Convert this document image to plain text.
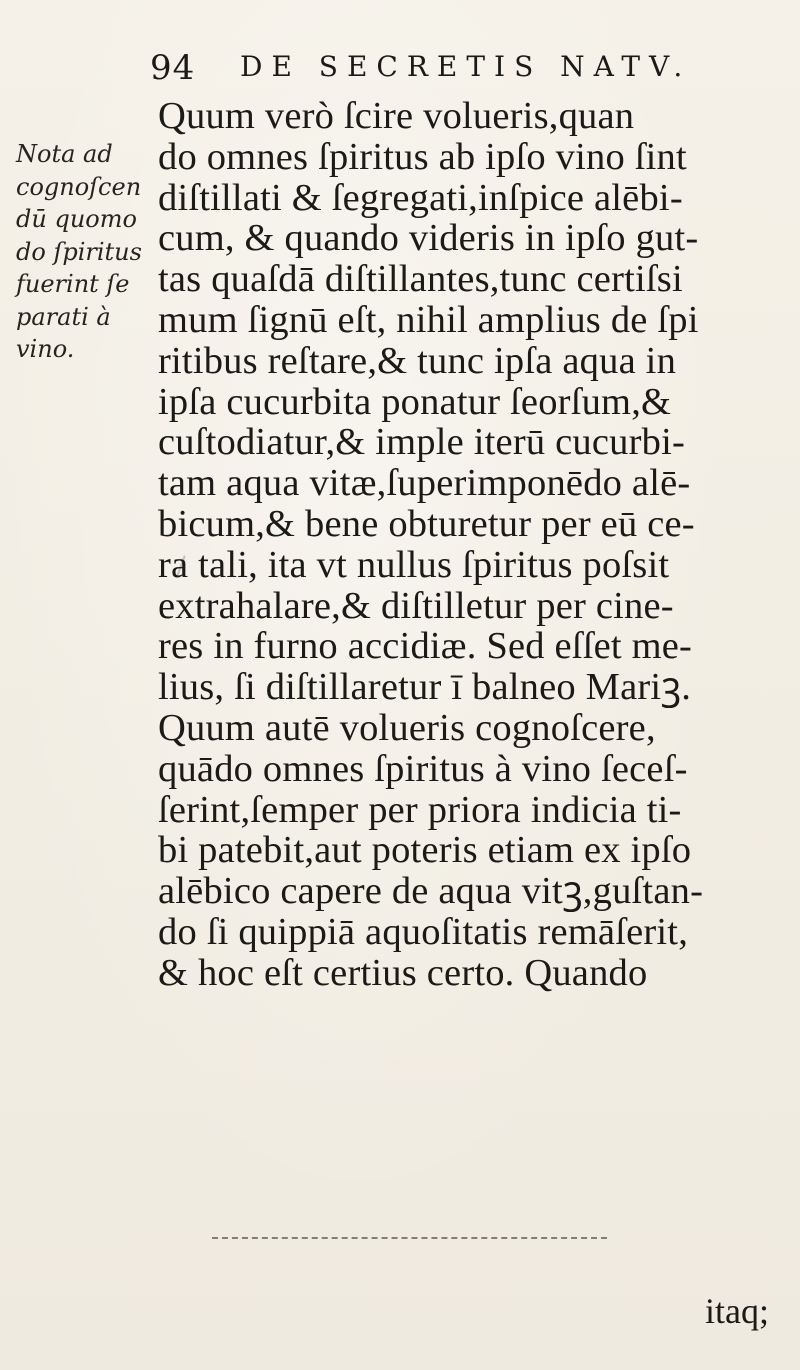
94 DE SECRETIS NATV.
Nota ad
cognoſcen
dū quomo
do ſpiritus
fuerint ſe
parati à
vino.
Quum verò ſcire volueris,quan
do omnes ſpiritus ab ipſo vino ſint
diſtillati & ſegregati,inſpice alēbi-
cum, & quando videris in ipſo gut-
tas quaſdā diſtillantes,tunc certiſsi
mum ſignū eſt, nihil amplius de ſpi
ritibus reſtare,& tunc ipſa aqua in
ipſa cucurbita ponatur ſeorſum,&
cuſtodiatur,& imple iterū cucurbi-
tam aqua vitæ,ſuperimponēdo alē-
bicum,& bene obturetur per eū ce-
ra tali, ita vt nullus ſpiritus poſsit
extrahalare,& diſtilletur per cine-
res in furno accidiæ. Sed eſſet me-
lius, ſi diſtillaretur ī balneo Mariꝫ.
Quum autē volueris cognoſcere,
quādo omnes ſpiritus à vino ſeceſ-
ſerint,ſemper per priora indicia ti-
bi patebit,aut poteris etiam ex ipſo
alēbico capere de aqua vitꝫ,guſtan-
do ſi quippiā aquoſitatis remāſerit,
& hoc eſt certius certo. Quando
itaq;
